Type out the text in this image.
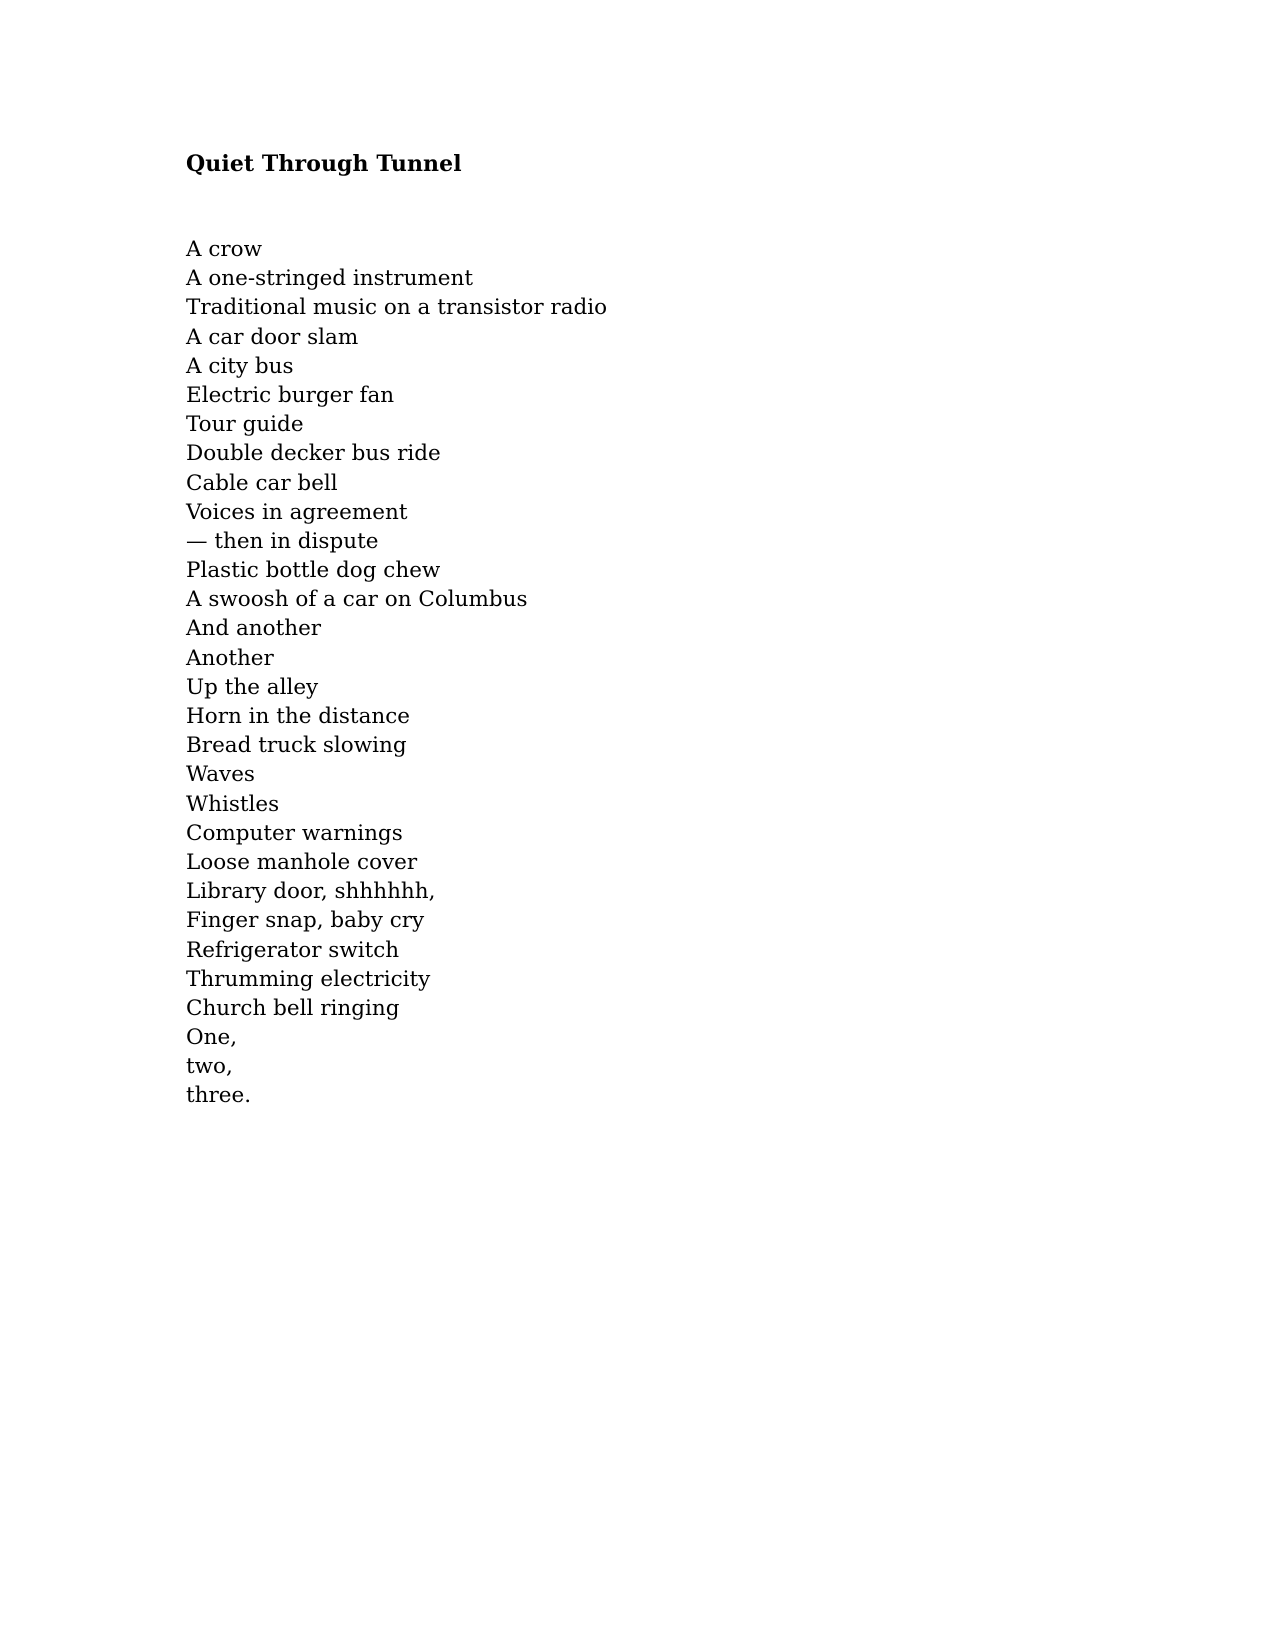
Quiet Through Tunnel
A crow
A one-stringed instrument
Traditional music on a transistor radio
A car door slam
A city bus
Electric burger fan
Tour guide
Double decker bus ride
Cable car bell
Voices in agreement
— then in dispute
Plastic bottle dog chew
A swoosh of a car on Columbus
And another
Another
Up the alley
Horn in the distance
Bread truck slowing
Waves
Whistles
Computer warnings
Loose manhole cover
Library door, shhhhhh,
Finger snap, baby cry
Refrigerator switch
Thrumming electricity
Church bell ringing
One,
two,
three.
